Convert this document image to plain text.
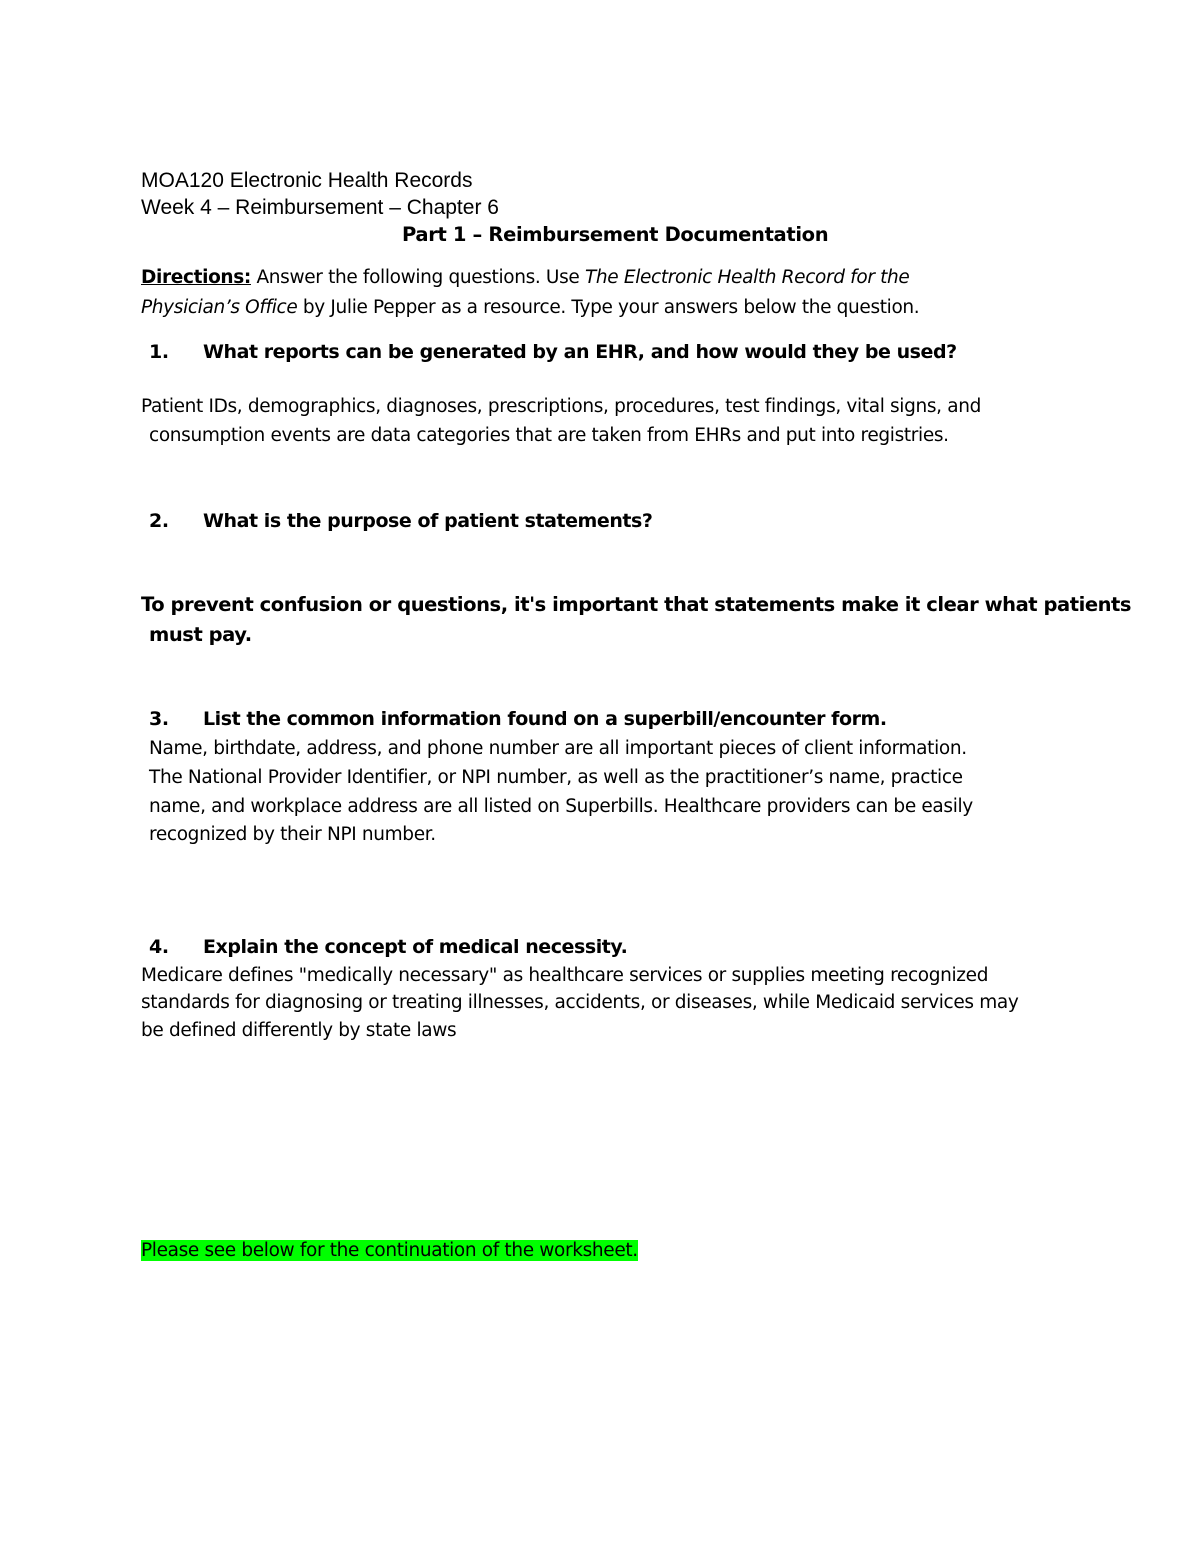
MOA120 Electronic Health Records
Week 4 – Reimbursement – Chapter 6
Part 1 – Reimbursement Documentation
Directions: Answer the following questions. Use The Electronic Health Record for the
Physician’s Office by Julie Pepper as a resource. Type your answers below the question.
1. What reports can be generated by an EHR, and how would they be used?
Patient IDs, demographics, diagnoses, prescriptions, procedures, test findings, vital signs, and
consumption events are data categories that are taken from EHRs and put into registries.
2. What is the purpose of patient statements?
To prevent confusion or questions, it's important that statements make it clear what patients
must pay.
3. List the common information found on a superbill/encounter form.
Name, birthdate, address, and phone number are all important pieces of client information.
The National Provider Identifier, or NPI number, as well as the practitioner’s name, practice
name, and workplace address are all listed on Superbills. Healthcare providers can be easily
recognized by their NPI number.
4. Explain the concept of medical necessity.
Medicare defines "medically necessary" as healthcare services or supplies meeting recognized
standards for diagnosing or treating illnesses, accidents, or diseases, while Medicaid services may
be defined differently by state laws
Please see below for the continuation of the worksheet.
